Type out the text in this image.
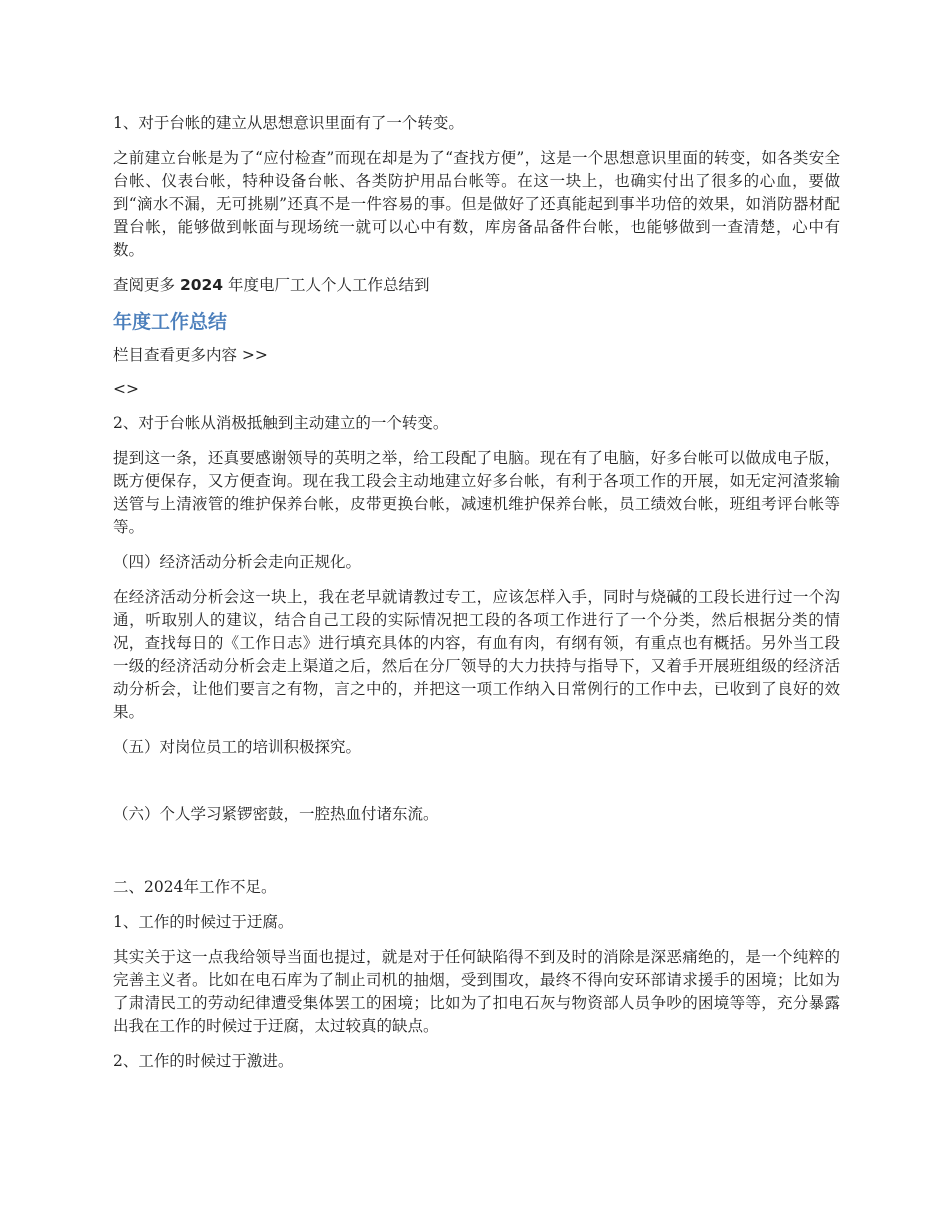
1、对于台帐的建立从思想意识里面有了一个转变。

之前建立台帐是为了“应付检查”而现在却是为了“查找方便”，这是一个思想意识里面的转变，如各类安全台帐、仪表台帐，特种设备台帐、各类防护用品台帐等。在这一块上，也确实付出了很多的心血，要做到“滴水不漏，无可挑剔”还真不是一件容易的事。但是做好了还真能起到事半功倍的效果，如消防器材配置台帐，能够做到帐面与现场统一就可以心中有数，库房备品备件台帐，也能够做到一查清楚，心中有数。

查阅更多 2024 年度电厂工人个人工作总结到

年度工作总结

栏目查看更多内容 >>

<>

2、对于台帐从消极抵触到主动建立的一个转变。

提到这一条，还真要感谢领导的英明之举，给工段配了电脑。现在有了电脑，好多台帐可以做成电子版，既方便保存，又方便查询。现在我工段会主动地建立好多台帐，有利于各项工作的开展，如无定河渣浆输送管与上清液管的维护保养台帐，皮带更换台帐，减速机维护保养台帐，员工绩效台帐，班组考评台帐等等。

（四）经济活动分析会走向正规化。

在经济活动分析会这一块上，我在老早就请教过专工，应该怎样入手，同时与烧碱的工段长进行过一个沟通，听取别人的建议，结合自己工段的实际情况把工段的各项工作进行了一个分类，然后根据分类的情况，查找每日的《工作日志》进行填充具体的内容，有血有肉，有纲有领，有重点也有概括。另外当工段一级的经济活动分析会走上渠道之后，然后在分厂领导的大力扶持与指导下，又着手开展班组级的经济活动分析会，让他们要言之有物，言之中的，并把这一项工作纳入日常例行的工作中去，已收到了良好的效果。

（五）对岗位员工的培训积极探究。

（六）个人学习紧锣密鼓，一腔热血付诸东流。

二、2024年工作不足。

1、工作的时候过于迂腐。

其实关于这一点我给领导当面也提过，就是对于任何缺陷得不到及时的消除是深恶痛绝的，是一个纯粹的完善主义者。比如在电石库为了制止司机的抽烟，受到围攻，最终不得向安环部请求援手的困境；比如为了肃清民工的劳动纪律遭受集体罢工的困境；比如为了扣电石灰与物资部人员争吵的困境等等，充分暴露出我在工作的时候过于迂腐，太过较真的缺点。

2、工作的时候过于激进。
